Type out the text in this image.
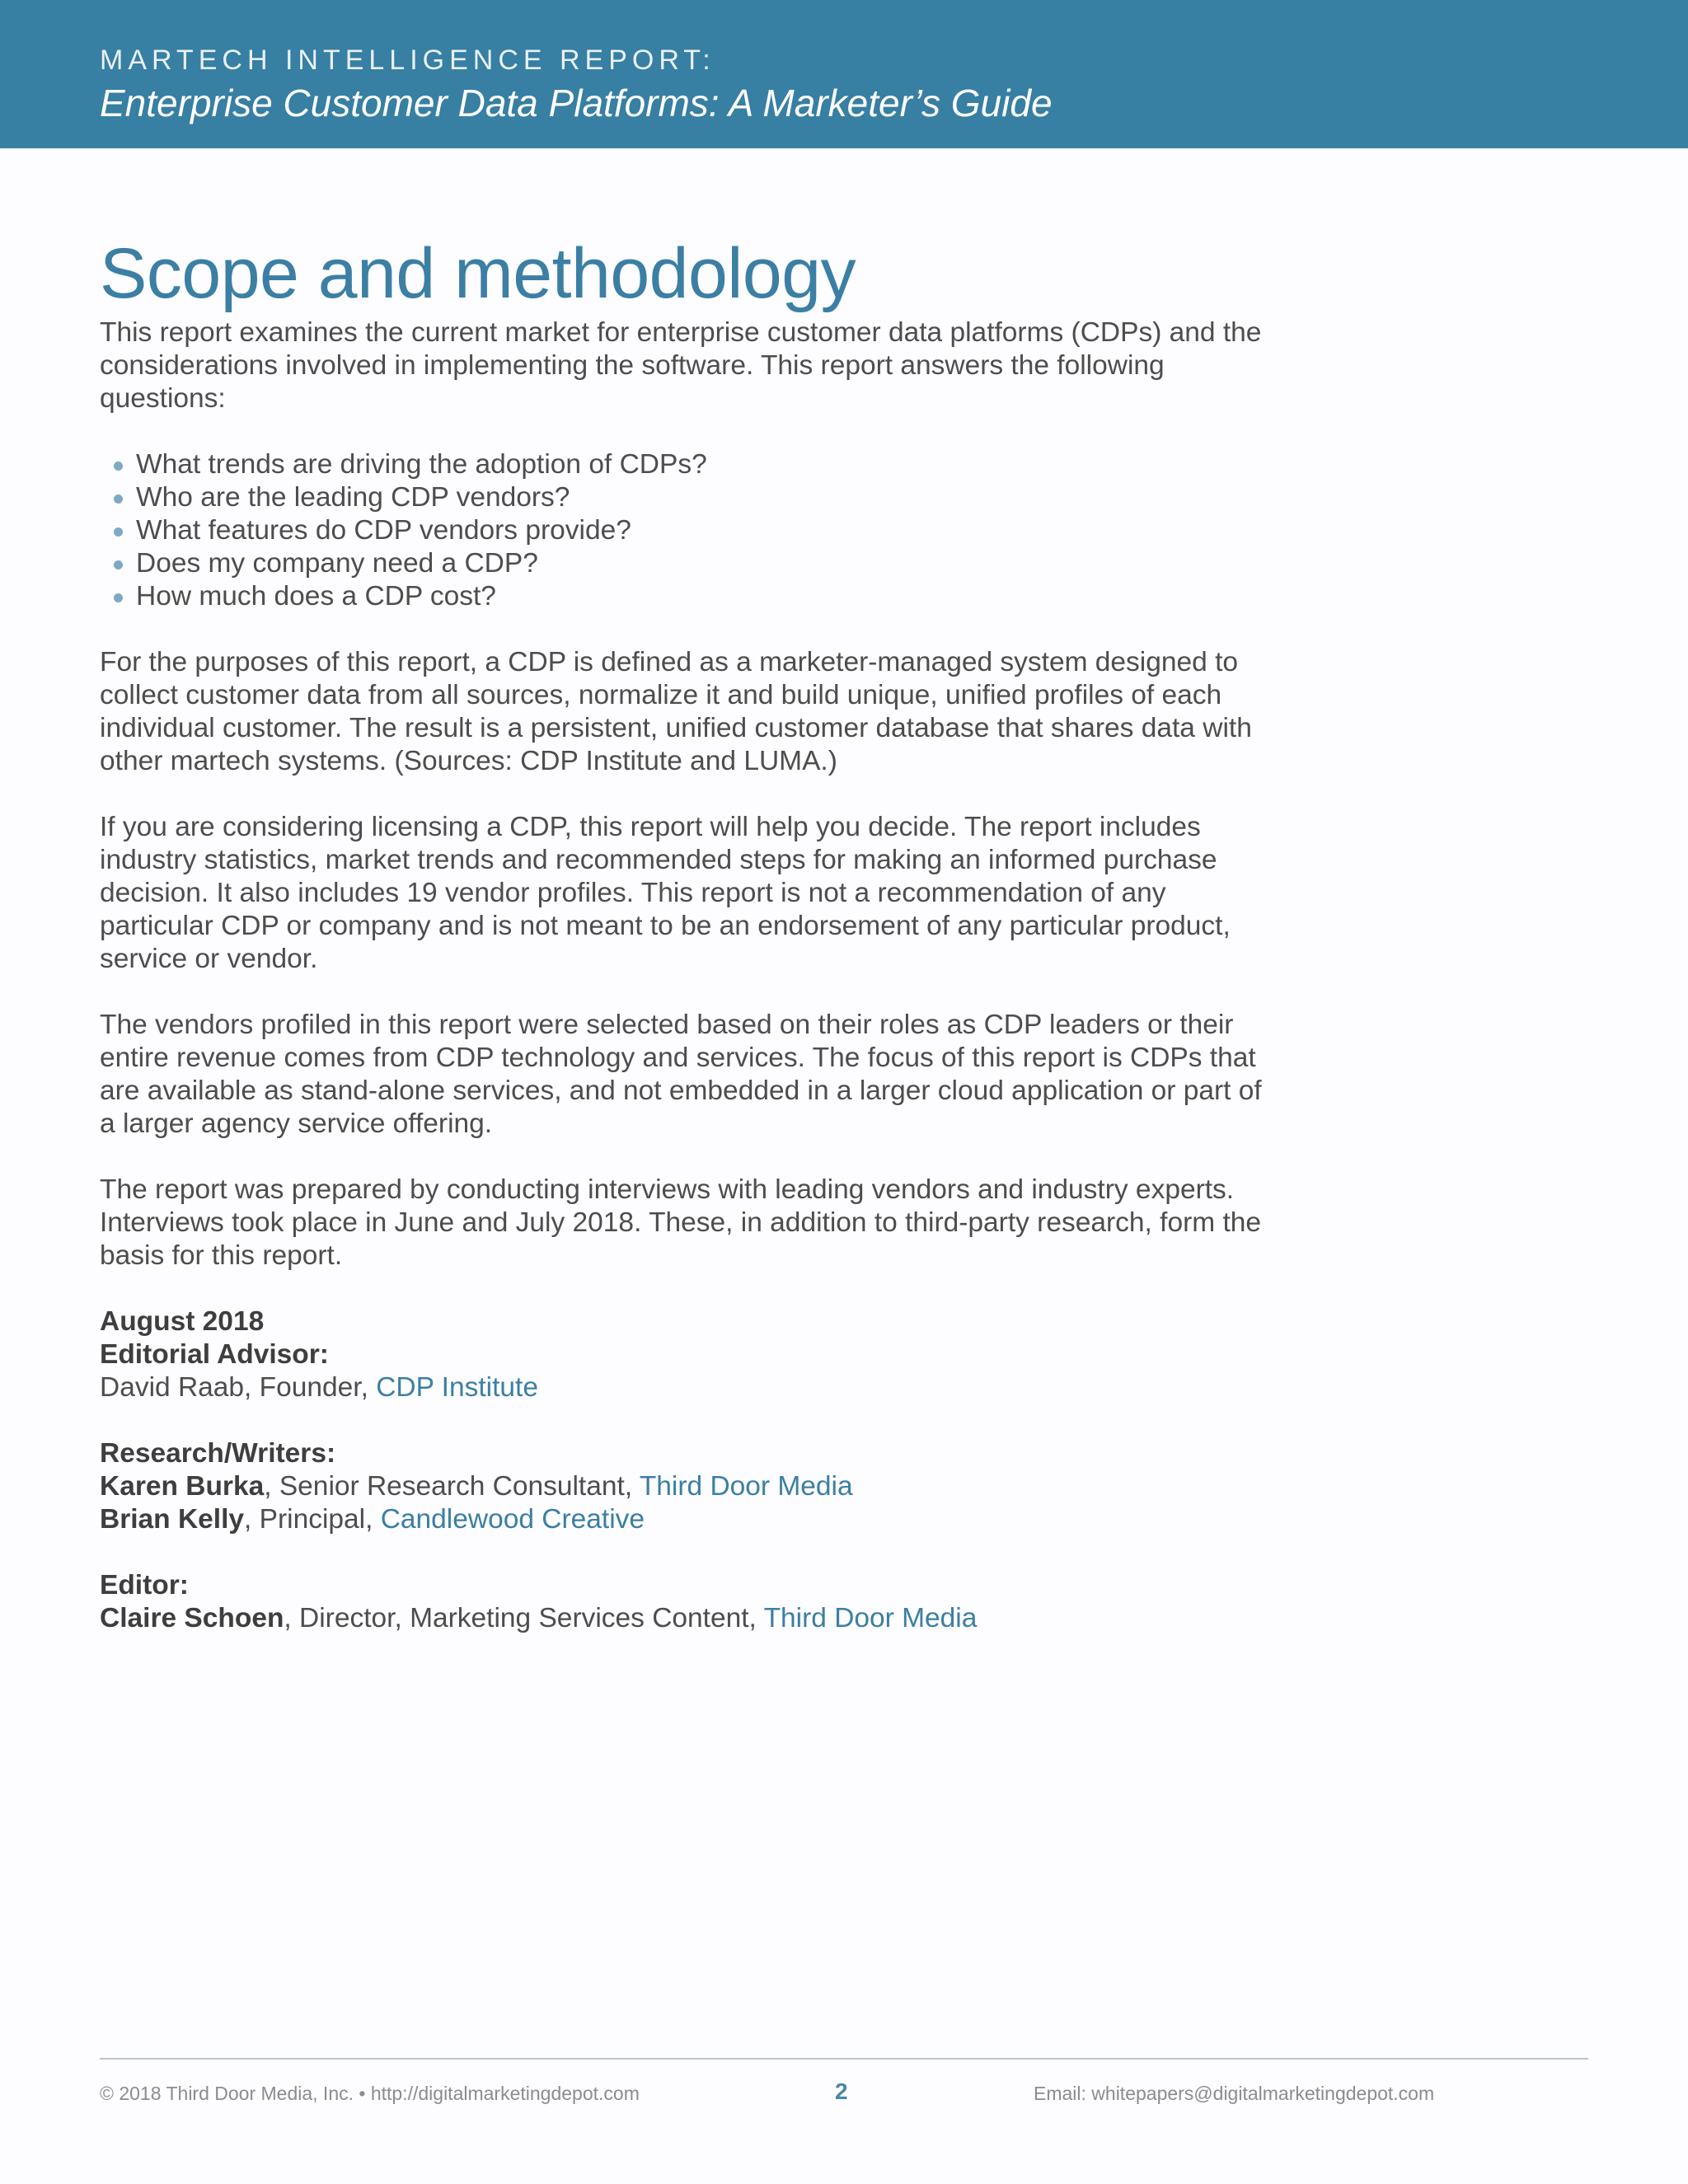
MARTECH INTELLIGENCE REPORT:
Enterprise Customer Data Platforms: A Marketer’s Guide
Scope and methodology

This report examines the current market for enterprise customer data platforms (CDPs) and the considerations involved in implementing the software. This report answers the following questions:

What trends are driving the adoption of CDPs?
Who are the leading CDP vendors?
What features do CDP vendors provide?
Does my company need a CDP?
How much does a CDP cost?

For the purposes of this report, a CDP is defined as a marketer-managed system designed to collect customer data from all sources, normalize it and build unique, unified profiles of each individual customer. The result is a persistent, unified customer database that shares data with other martech systems. (Sources: CDP Institute and LUMA.)

If you are considering licensing a CDP, this report will help you decide. The report includes industry statistics, market trends and recommended steps for making an informed purchase decision. It also includes 19 vendor profiles. This report is not a recommendation of any particular CDP or company and is not meant to be an endorsement of any particular product, service or vendor.

The vendors profiled in this report were selected based on their roles as CDP leaders or their entire revenue comes from CDP technology and services. The focus of this report is CDPs that are available as stand-alone services, and not embedded in a larger cloud application or part of a larger agency service offering.

The report was prepared by conducting interviews with leading vendors and industry experts. Interviews took place in June and July 2018. These, in addition to third-party research, form the basis for this report.

August 2018
Editorial Advisor:
David Raab, Founder, CDP Institute
Research/Writers:
Karen Burka, Senior Research Consultant, Third Door Media
Brian Kelly, Principal, Candlewood Creative
Editor:
Claire Schoen, Director, Marketing Services Content, Third Door Media
© 2018 Third Door Media, Inc. • http://digitalmarketingdepot.com	2	Email: whitepapers@digitalmarketingdepot.com
